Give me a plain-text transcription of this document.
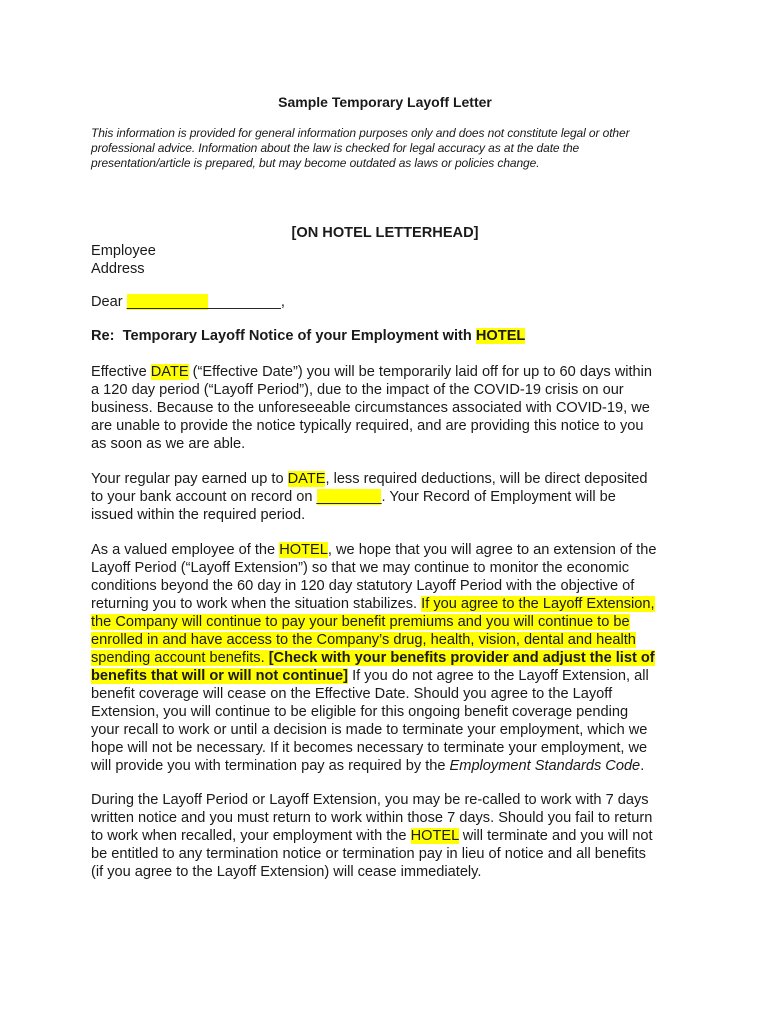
Sample Temporary Layoff Letter
This information is provided for general information purposes only and does not constitute legal or other
professional advice. Information about the law is checked for legal accuracy as at the date the
presentation/article is prepared, but may become outdated as laws or policies change.
[ON HOTEL LETTERHEAD]
Employee
Address
Dear ___________________,
Re:  Temporary Layoff Notice of your Employment with HOTEL
Effective DATE (“Effective Date”) you will be temporarily laid off for up to 60 days within
a 120 day period (“Layoff Period”), due to the impact of the COVID-19 crisis on our
business. Because to the unforeseeable circumstances associated with COVID-19, we
are unable to provide the notice typically required, and are providing this notice to you
as soon as we are able.
Your regular pay earned up to DATE, less required deductions, will be direct deposited
to your bank account on record on ________. Your Record of Employment will be
issued within the required period.
As a valued employee of the HOTEL, we hope that you will agree to an extension of the
Layoff Period (“Layoff Extension”) so that we may continue to monitor the economic
conditions beyond the 60 day in 120 day statutory Layoff Period with the objective of
returning you to work when the situation stabilizes. If you agree to the Layoff Extension,
the Company will continue to pay your benefit premiums and you will continue to be
enrolled in and have access to the Company’s drug, health, vision, dental and health
spending account benefits. [Check with your benefits provider and adjust the list of
benefits that will or will not continue] If you do not agree to the Layoff Extension, all
benefit coverage will cease on the Effective Date. Should you agree to the Layoff
Extension, you will continue to be eligible for this ongoing benefit coverage pending
your recall to work or until a decision is made to terminate your employment, which we
hope will not be necessary. If it becomes necessary to terminate your employment, we
will provide you with termination pay as required by the Employment Standards Code.
During the Layoff Period or Layoff Extension, you may be re-called to work with 7 days
written notice and you must return to work within those 7 days. Should you fail to return
to work when recalled, your employment with the HOTEL will terminate and you will not
be entitled to any termination notice or termination pay in lieu of notice and all benefits
(if you agree to the Layoff Extension) will cease immediately.
